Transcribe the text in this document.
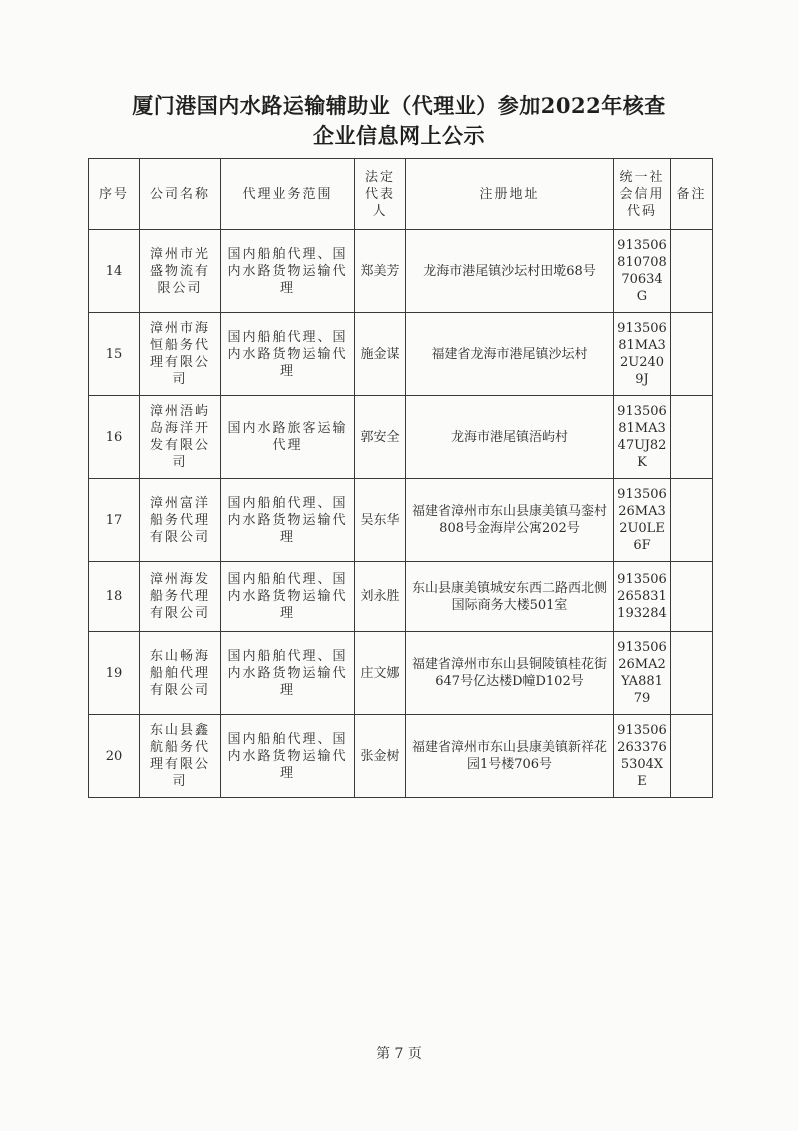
厦门港国内水路运输辅助业（代理业）参加2022年核查
企业信息网上公示
序号	公司名称	代理业务范围	法定代表人	注册地址	统一社会信用代码	备注
14	漳州市光盛物流有限公司	国内船舶代理、国内水路货物运输代理	郑美芳	龙海市港尾镇沙坛村田墘68号	913506810708 70634G	
15	漳州市海恒船务代理有限公司	国内船舶代理、国内水路货物运输代理	施金谋	福建省龙海市港尾镇沙坛村	91350681MA32U2409J	
16	漳州浯屿岛海洋开发有限公司	国内水路旅客运输代理	郭安全	龙海市港尾镇浯屿村	91350681MA347UJ82K	
17	漳州富洋船务代理有限公司	国内船舶代理、国内水路货物运输代理	吴东华	福建省漳州市东山县康美镇马銮村808号金海岸公寓202号	91350626MA32U0LE6F	
18	漳州海发船务代理有限公司	国内船舶代理、国内水路货物运输代理	刘永胜	东山县康美镇城安东西二路西北侧国际商务大楼501室	913506265831193284	
19	东山畅海船舶代理有限公司	国内船舶代理、国内水路货物运输代理	庄文娜	福建省漳州市东山县铜陵镇桂花街647号亿达楼D幢D102号	91350626MA2YA88179	
20	东山县鑫航船务代理有限公司	国内船舶代理、国内水路货物运输代理	张金树	福建省漳州市东山县康美镇新祥花园1号楼706号	9135062633765304XE	
第 7 页
